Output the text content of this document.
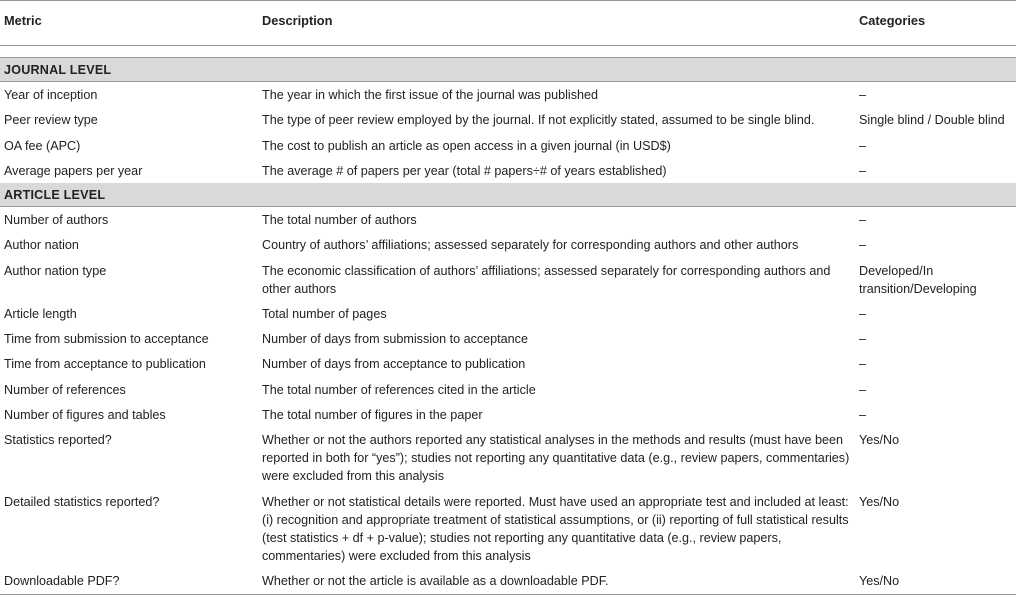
Metric	Description	Categories

JOURNAL LEVEL		
Year of inception	The year in which the first issue of the journal was published	–
Peer review type	The type of peer review employed by the journal. If not explicitly stated, assumed to be single blind.	Single blind / Double blind
OA fee (APC)	The cost to publish an article as open access in a given journal (in USD$)	–
Average papers per year	The average # of papers per year (total # papers÷# of years established)	–
ARTICLE LEVEL		
Number of authors	The total number of authors	–
Author nation	Country of authors’ affiliations; assessed separately for corresponding authors and other authors	–
Author nation type	The economic classification of authors’ affiliations; assessed separately for corresponding authors and other authors	Developed/In transition/Developing
Article length	Total number of pages	–
Time from submission to acceptance	Number of days from submission to acceptance	–
Time from acceptance to publication	Number of days from acceptance to publication	–
Number of references	The total number of references cited in the article	–
Number of figures and tables	The total number of figures in the paper	–
Statistics reported?	Whether or not the authors reported any statistical analyses in the methods and results (must have been reported in both for “yes”); studies not reporting any quantitative data (e.g., review papers, commentaries) were excluded from this analysis	Yes/No
Detailed statistics reported?	Whether or not statistical details were reported. Must have used an appropriate test and included at least: (i) recognition and appropriate treatment of statistical assumptions, or (ii) reporting of full statistical results (test statistics + df + p-value); studies not reporting any quantitative data (e.g., review papers, commentaries) were excluded from this analysis	Yes/No
Downloadable PDF?	Whether or not the article is available as a downloadable PDF.	Yes/No
